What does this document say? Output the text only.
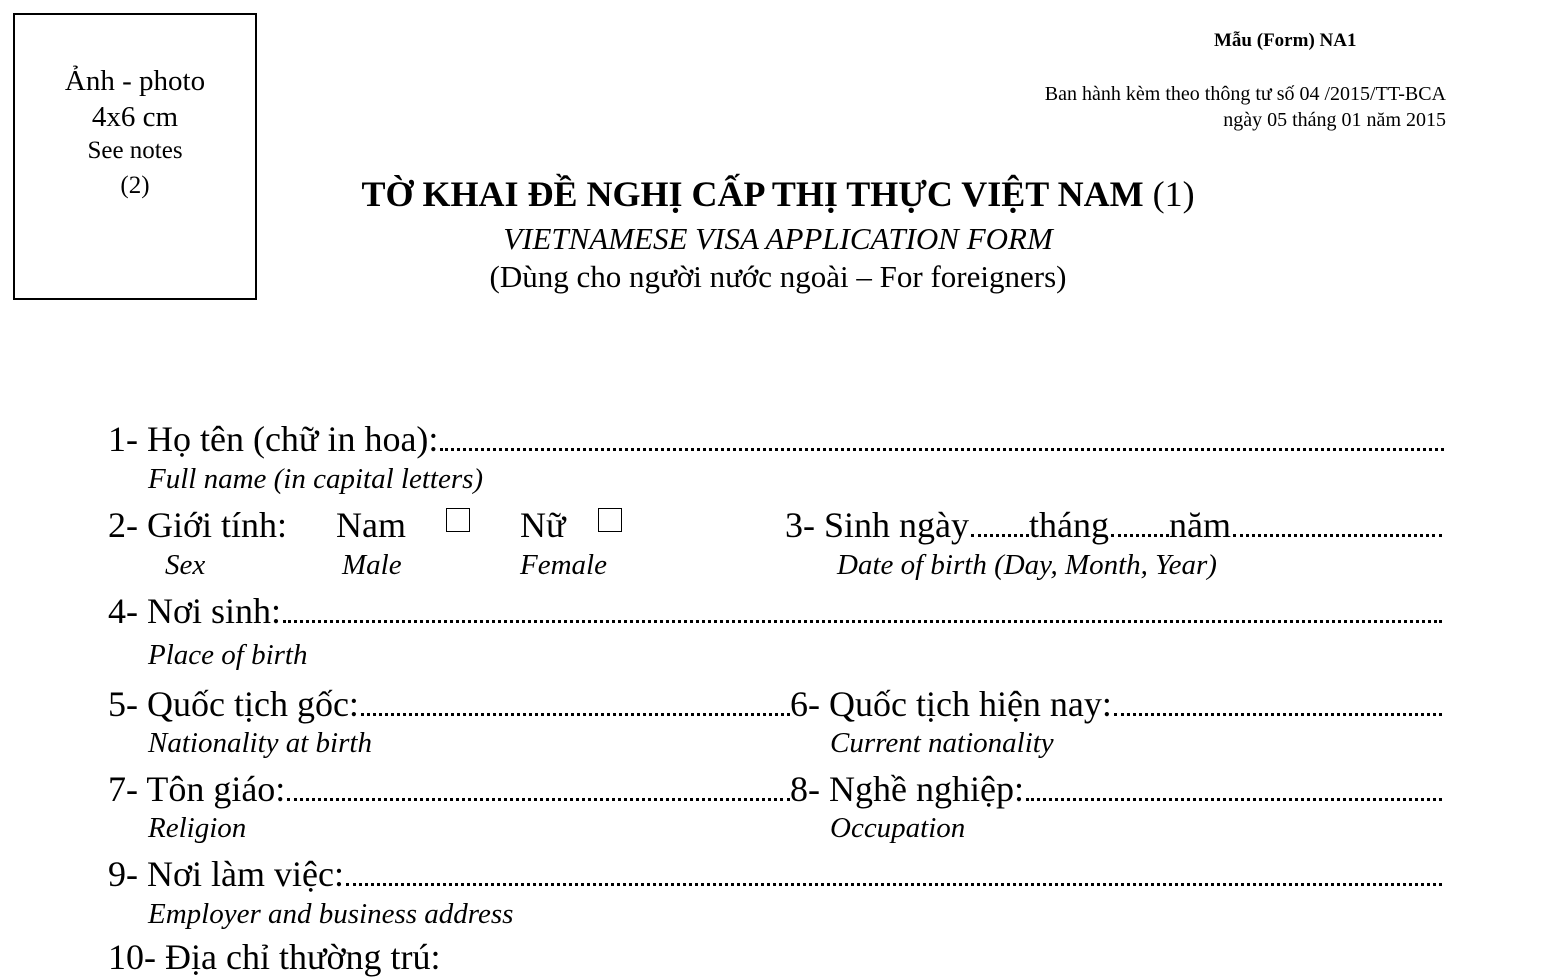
Ảnh - photo
4x6 cm
See notes
(2)
Mẫu (Form) NA1
Ban hành kèm theo thông tư số 04 /2015/TT-BCA
ngày 05 tháng 01 năm 2015
TỜ KHAI ĐỀ NGHỊ CẤP THỊ THỰC VIỆT NAM (1)
VIETNAMESE VISA APPLICATION FORM
(Dùng cho người nước ngoài – For foreigners)
1- Họ tên (chữ in hoa):
Full name (in capital letters)
2- Giới tính: Nam	Nữ
Sex	Male	Female
3- Sinh ngày tháng năm
Date of birth (Day, Month, Year)
4- Nơi sinh:
Place of birth
5- Quốc tịch gốc:	6- Quốc tịch hiện nay:
Nationality at birth	Current nationality
7- Tôn giáo:	8- Nghề nghiệp:
Religion	Occupation
9- Nơi làm việc:
Employer and business address
10- Địa chỉ thường trú:
